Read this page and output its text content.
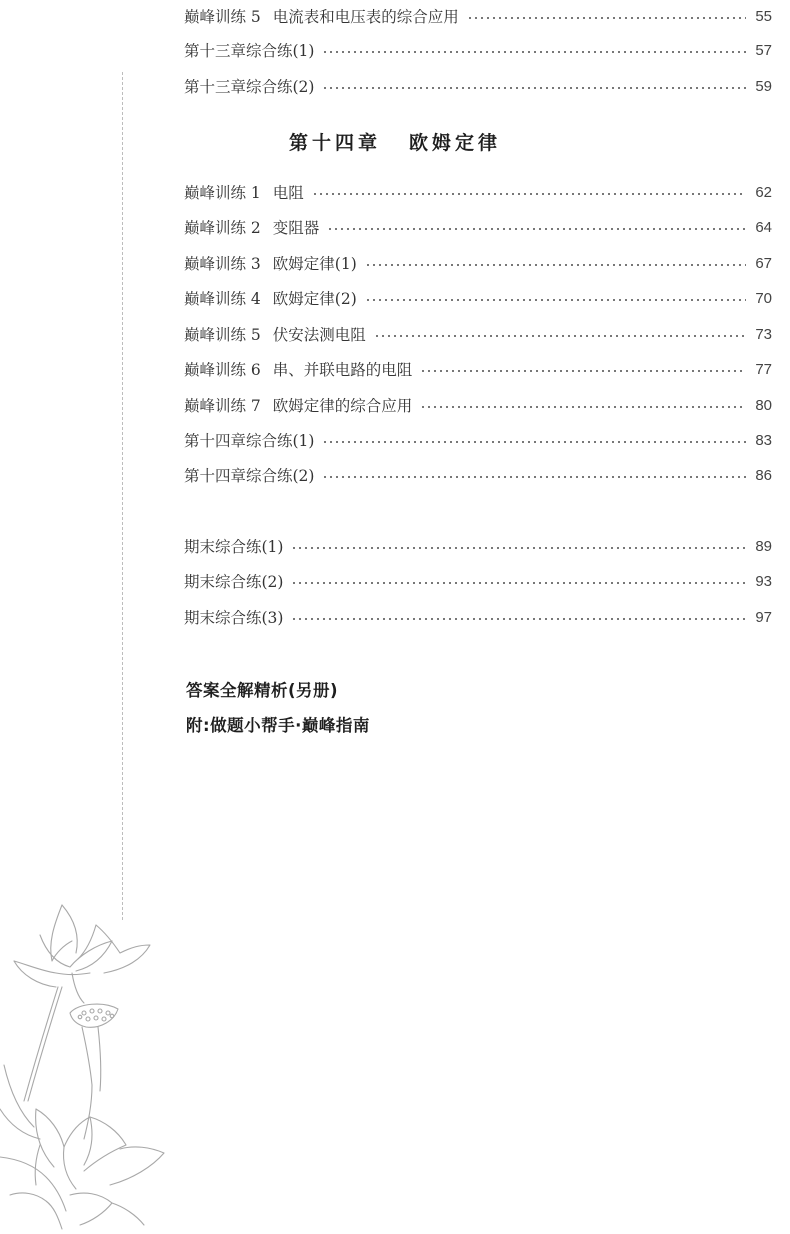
巅峰训练 5 电流表和电压表的综合应用	55
第十三章综合练(1)	57
第十三章综合练(2)	59
第十四章 欧姆定律
巅峰训练 1 电阻	62
巅峰训练 2 变阻器	64
巅峰训练 3 欧姆定律(1)	67
巅峰训练 4 欧姆定律(2)	70
巅峰训练 5 伏安法测电阻	73
巅峰训练 6 串、并联电路的电阻	77
巅峰训练 7 欧姆定律的综合应用	80
第十四章综合练(1)	83
第十四章综合练(2)	86
期末综合练(1)	89
期末综合练(2)	93
期末综合练(3)	97
答案全解精析(另册)
附:做题小帮手·巅峰指南
